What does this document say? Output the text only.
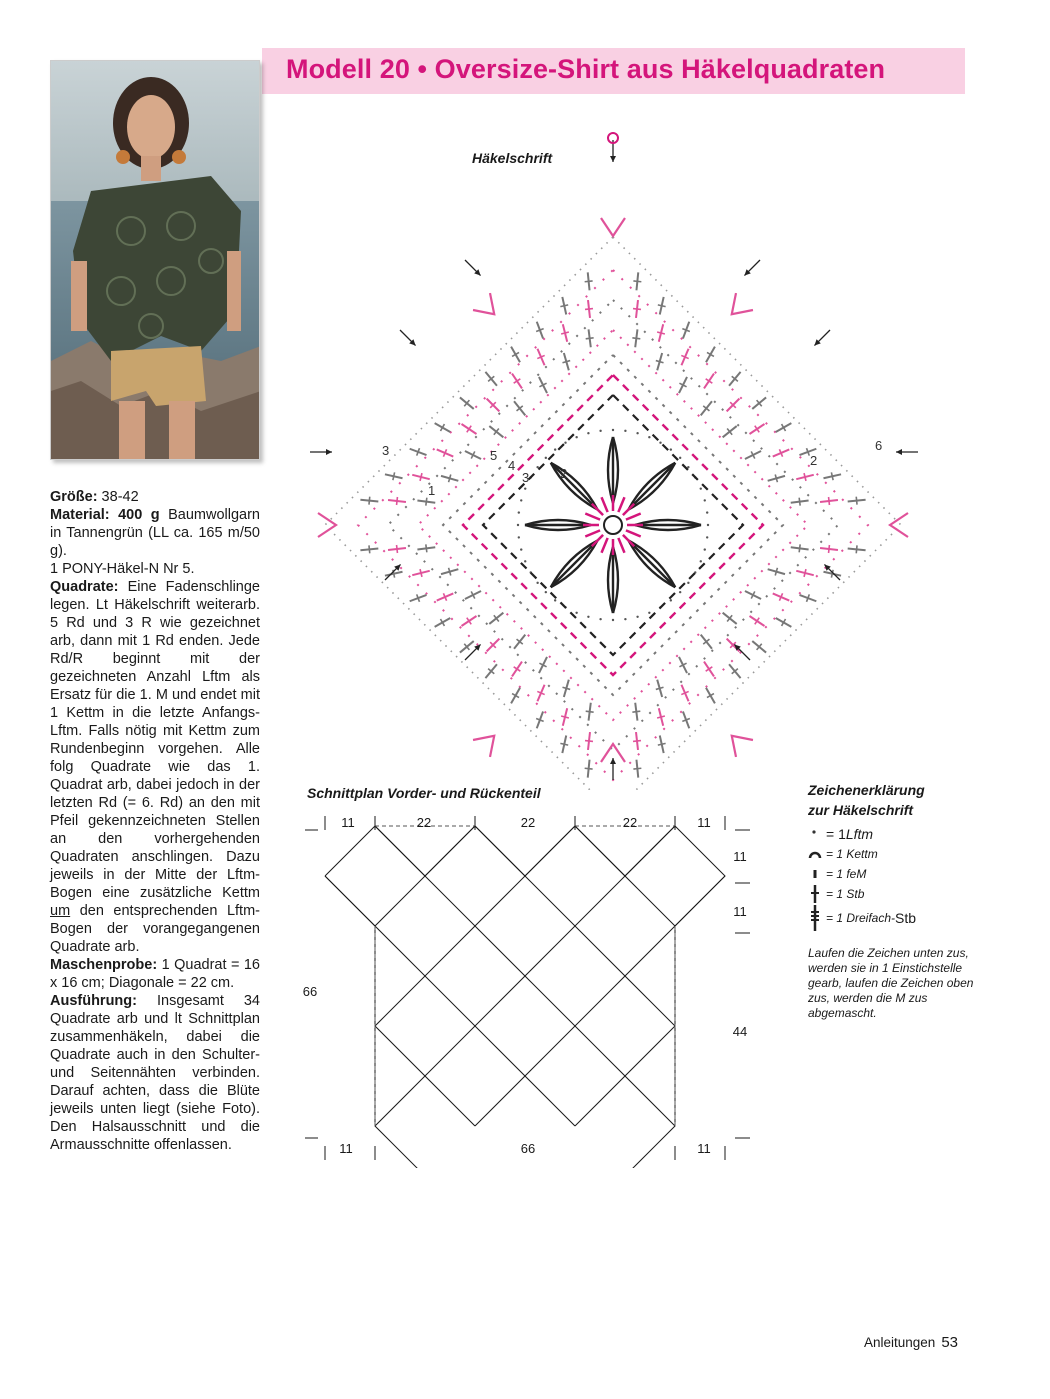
Modell 20 • Oversize-Shirt aus Häkelquadraten

Größe: 38-42

Material: 400 g Baumwollgarn in Tannengrün (LL ca. 165 m/50 g).

1 PONY-Häkel-N Nr 5.

Quadrate: Eine Fadenschlinge legen. Lt Häkelschrift weiterarb. 5 Rd und 3 R wie gezeichnet arb, dann mit 1 Rd enden. Jede Rd/R beginnt mit der gezeichneten Anzahl Lftm als Ersatz für die 1. M und endet mit 1 Kettm in die letzte Anfangs-Lftm. Falls nötig mit Kettm zum Rundenbeginn vorgehen. Alle folg Quadrate wie das 1. Quadrat arb, dabei jedoch in der letzten Rd (= 6. Rd) an den mit Pfeil gekennzeichneten Stellen an den vorhergehenden Quadraten anschlingen. Dazu jeweils in der Mitte der Lftm-Bogen eine zusätzliche Kettm um den entsprechenden Lftm-Bogen der vorangegangenen Quadrate arb.

Maschenprobe: 1 Quadrat = 16 x 16 cm; Diagonale = 22 cm.

Ausführung: Insgesamt 34 Quadrate arb und lt Schnittplan zusammenhäkeln, dabei die Quadrate auch in den Schulter- und Seitennähten verbinden. Darauf achten, dass die Blüte jeweils unten liegt (siehe Foto). Den Halsausschnitt und die Armausschnitte offenlassen.

Häkelschrift
1
2
3
4
5
6
2
3
Schnittplan Vorder- und Rückenteil
11	22	22	22	11
11	66	11
11
11
44
66
Zeichenerklärung
zur Häkelschrift
= 1 Lftm
= 1 Kettm
= 1 feM
= 1 Stb
= 1 Dreifach- Stb
Laufen die Zeichen unten zus, werden sie in 1 Einstichstelle gearb, laufen die Zeichen oben zus, werden die M zus abgemascht.
Anleitungen 53
